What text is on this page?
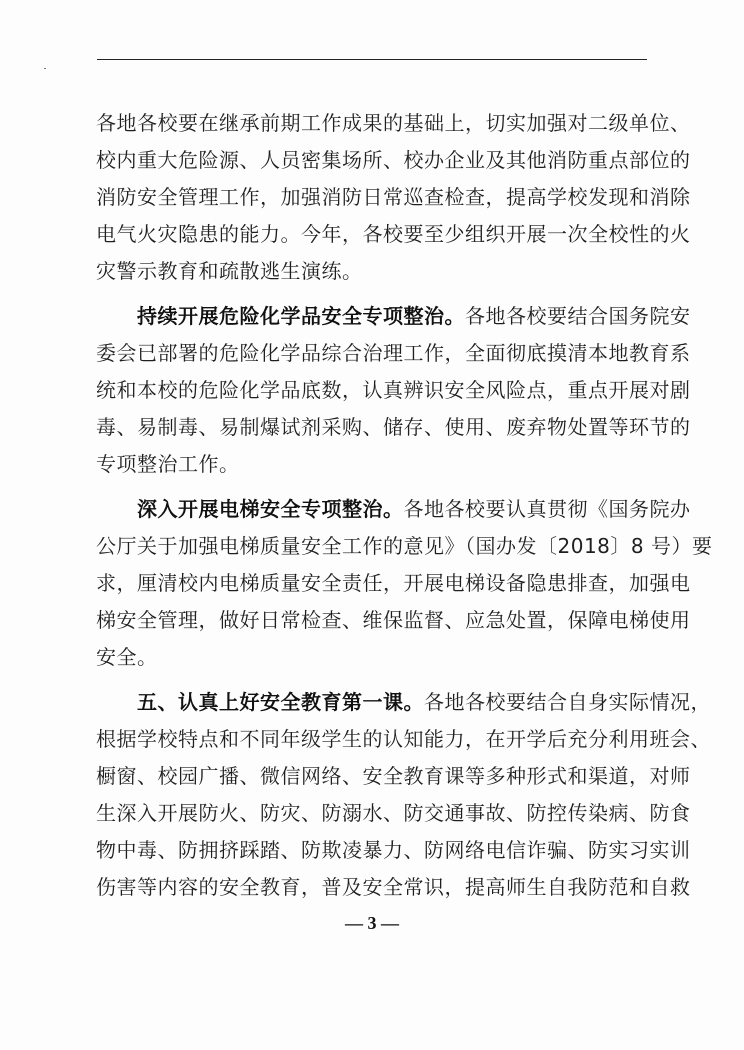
各地各校要在继承前期工作成果的基础上，切实加强对二级单位、
校内重大危险源、人员密集场所、校办企业及其他消防重点部位的
消防安全管理工作，加强消防日常巡查检查，提高学校发现和消除
电气火灾隐患的能力。今年，各校要至少组织开展一次全校性的火
灾警示教育和疏散逃生演练。
　　持续开展危险化学品安全专项整治。各地各校要结合国务院安
委会已部署的危险化学品综合治理工作，全面彻底摸清本地教育系
统和本校的危险化学品底数，认真辨识安全风险点，重点开展对剧
毒、易制毒、易制爆试剂采购、储存、使用、废弃物处置等环节的
专项整治工作。
　　深入开展电梯安全专项整治。各地各校要认真贯彻《国务院办
公厅关于加强电梯质量安全工作的意见》（国办发〔2018〕8 号）要
求，厘清校内电梯质量安全责任，开展电梯设备隐患排查，加强电
梯安全管理，做好日常检查、维保监督、应急处置，保障电梯使用
安全。
　　五、认真上好安全教育第一课。各地各校要结合自身实际情况，
根据学校特点和不同年级学生的认知能力，在开学后充分利用班会、
橱窗、校园广播、微信网络、安全教育课等多种形式和渠道，对师
生深入开展防火、防灾、防溺水、防交通事故、防控传染病、防食
物中毒、防拥挤踩踏、防欺凌暴力、防网络电信诈骗、防实习实训
伤害等内容的安全教育，普及安全常识，提高师生自我防范和自救
— 3 —
